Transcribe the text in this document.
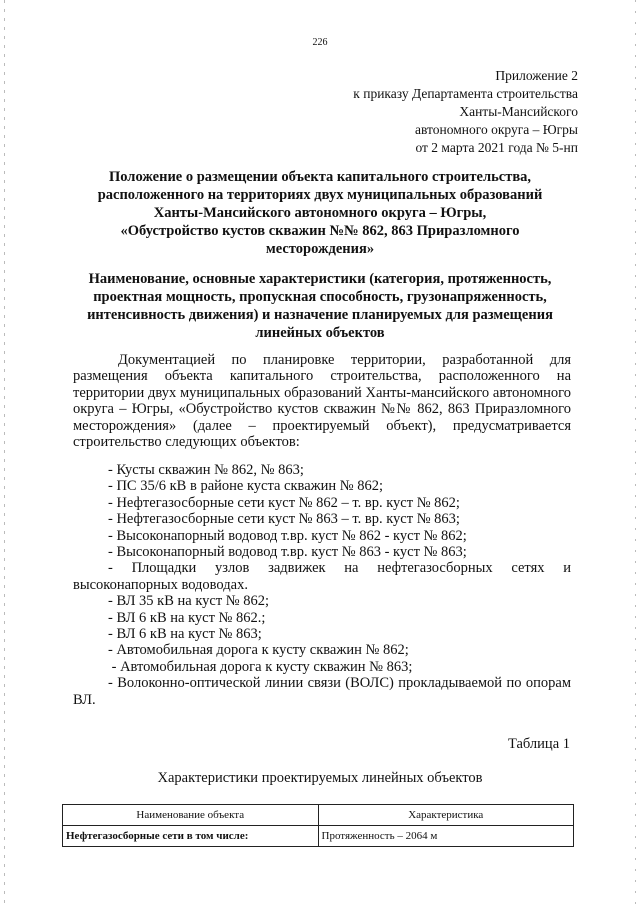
226
Приложение 2
к приказу Департамента строительства
Ханты-Мансийского
автономного округа – Югры
от 2 марта 2021 года № 5-нп
Положение о размещении объекта капитального строительства,
расположенного на территориях двух муниципальных образований
Ханты-Мансийского автономного округа – Югры,
«Обустройство кустов скважин №№ 862, 863 Приразломного
месторождения»
Наименование, основные характеристики (категория, протяженность,
проектная мощность, пропускная способность, грузонапряженность,
интенсивность движения) и назначение планируемых для размещения
линейных объектов
Документацией по планировке территории, разработанной для размещения объекта капитального строительства, расположенного на территории двух муниципальных образований Ханты-мансийского автономного округа – Югры, «Обустройство кустов скважин №№ 862, 863 Приразломного месторождения» (далее – проектируемый объект), предусматривается строительство следующих объектов:
- Кусты скважин № 862, № 863;
- ПС 35/6 кВ в районе куста скважин № 862;
- Нефтегазосборные сети куст № 862 – т. вр. куст № 862;
- Нефтегазосборные сети куст № 863 – т. вр. куст № 863;
- Высоконапорный водовод т.вр. куст № 862 - куст № 862;
- Высоконапорный водовод т.вр. куст № 863 - куст № 863;
- Площадки узлов задвижек на нефтегазосборных сетях и
высоконапорных водоводах.
- ВЛ 35 кВ на куст № 862;
- ВЛ 6 кВ на куст № 862.;
- ВЛ 6 кВ на куст № 863;
- Автомобильная дорога к кусту скважин № 862;
- Автомобильная дорога к кусту скважин № 863;
- Волоконно-оптической линии связи (ВОЛС) прокладываемой по опорам ВЛ.
Таблица 1
Характеристики проектируемых линейных объектов
Наименование объекта	Характеристика
Нефтегазосборные сети в том числе:	Протяженность – 2064 м
